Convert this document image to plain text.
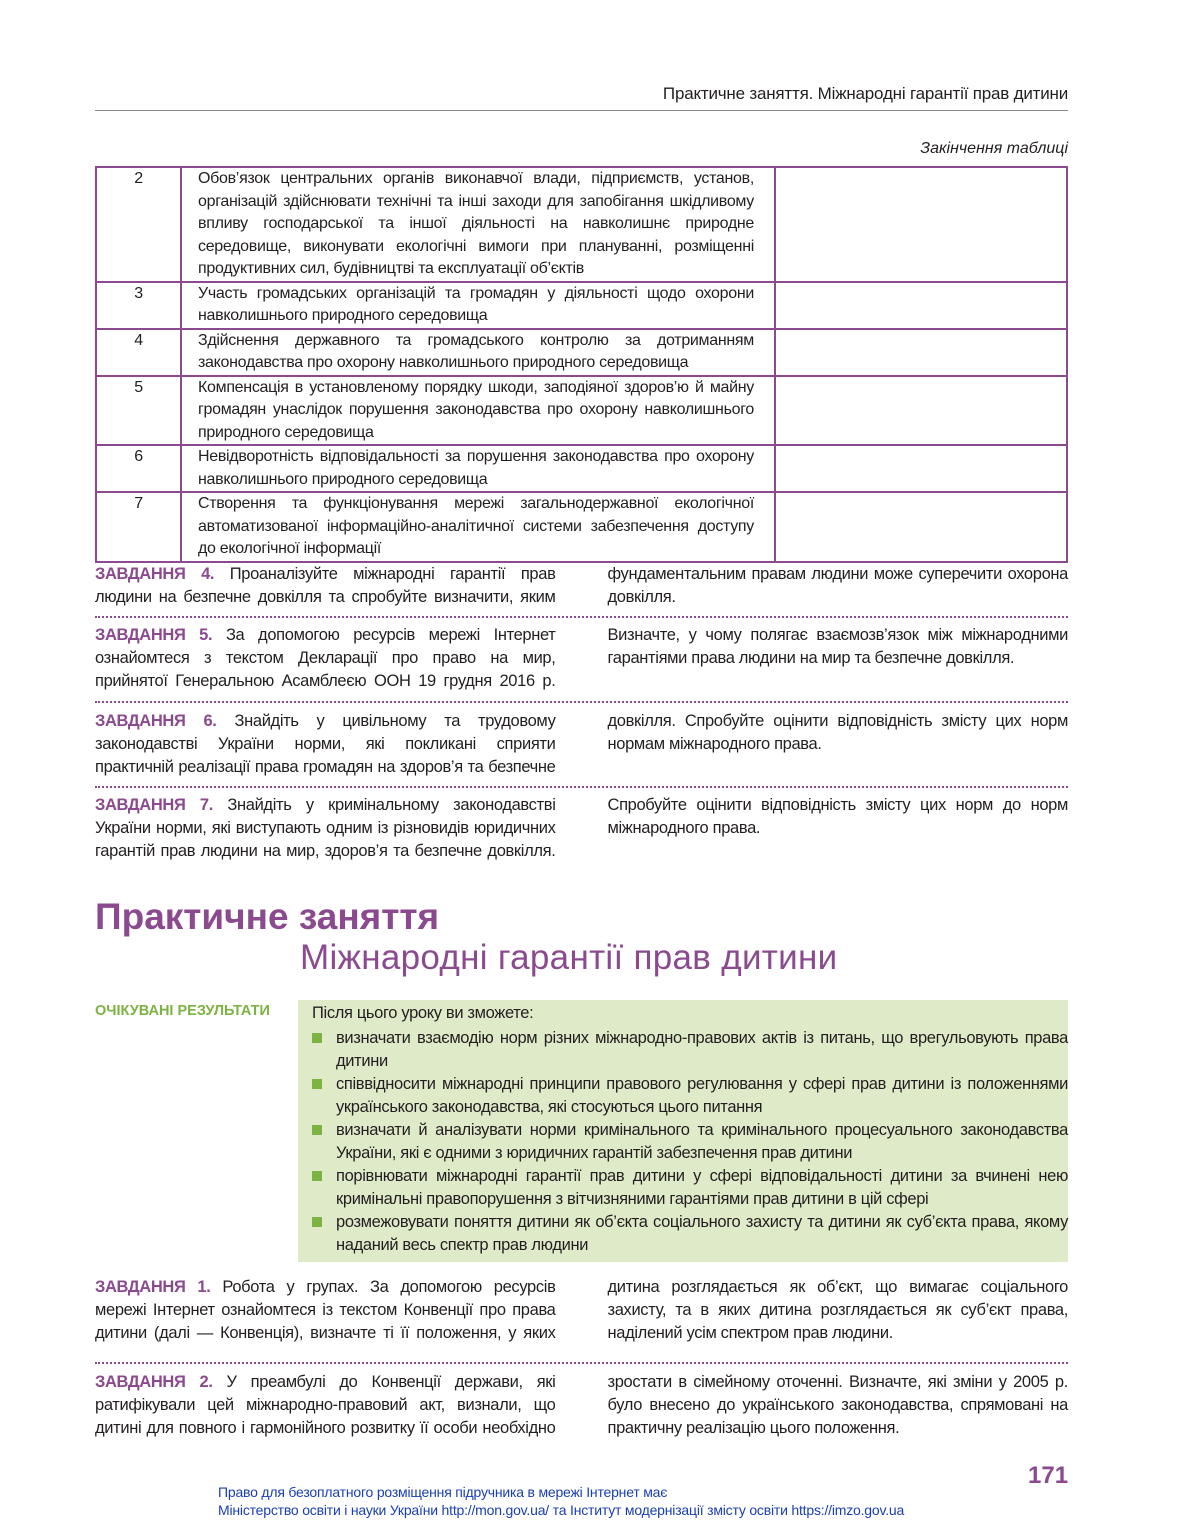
Практичне заняття. Міжнародні гарантії прав дитини
Закінчення таблиці
2	Обов’язок центральних органів виконавчої влади, підприємств, установ, організацій здійснювати технічні та інші заходи для запобігання шкідливому впливу господарської та іншої діяльності на навколишнє природне середовище, виконувати екологічні вимоги при плануванні, розміщенні продуктивних сил, будівництві та експлуатації об’єктів	
3	Участь громадських організацій та громадян у діяльності щодо охорони навколишнього природного середовища	
4	Здійснення державного та громадського контролю за дотриманням законодавства про охорону навколишнього природного середовища	
5	Компенсація в установленому порядку шкоди, заподіяної здоров’ю й майну громадян унаслідок порушення законодавства про охорону навколишнього природного середовища	
6	Невідворотність відповідальності за порушення законодавства про охорону навколишнього природного середовища	
7	Створення та функціонування мережі загальнодержавної екологічної автоматизованої інформаційно-аналітичної системи забезпечення доступу до екологічної інформації	
ЗАВДАННЯ 4. Проаналізуйте міжнародні гарантії прав людини на безпечне довкілля та спробуйте визначити, яким фундаментальним правам людини може суперечити охорона довкілля.
ЗАВДАННЯ 5. За допомогою ресурсів мережі Інтернет ознайомтеся з текстом Декларації про право на мир, прийнятої Генеральною Асамблеєю ООН 19 грудня 2016 р. Визначте, у чому полягає взаємозв’язок між міжнародними гарантіями права людини на мир та безпечне довкілля.
ЗАВДАННЯ 6. Знайдіть у цивільному та трудовому законодавстві України норми, які покликані сприяти практичній реалізації права громадян на здоров’я та безпечне довкілля. Спробуйте оцінити відповідність змісту цих норм нормам міжнародного права.
ЗАВДАННЯ 7. Знайдіть у кримінальному законодавстві України норми, які виступають одним із різновидів юридичних гарантій прав людини на мир, здоров’я та безпечне довкілля. Спробуйте оцінити відповідність змісту цих норм до норм міжнародного права.
Практичне заняття
Міжнародні гарантії прав дитини
ОЧІКУВАНІ РЕЗУЛЬТАТИ	Після цього уроку ви зможете:
визначати взаємодію норм різних міжнародно-правових актів із питань, що врегульовують права дитини
співвідносити міжнародні принципи правового регулювання у сфері прав дитини із положеннями українського законодавства, які стосуються цього питання
визначати й аналізувати норми кримінального та кримінального процесуального законодавства України, які є одними з юридичних гарантій забезпечення прав дитини
порівнювати міжнародні гарантії прав дитини у сфері відповідальності дитини за вчинені нею кримінальні правопорушення з вітчизняними гарантіями прав дитини в цій сфері
розмежовувати поняття дитини як об’єкта соціального захисту та дитини як суб’єкта права, якому наданий весь спектр прав людини
ЗАВДАННЯ 1. Робота у групах. За допомогою ресурсів мережі Інтернет ознайомтеся із текстом Конвенції про права дитини (далі — Конвенція), визначте ті її положення, у яких дитина розглядається як об’єкт, що вимагає соціального захисту, та в яких дитина розглядається як суб’єкт права, наділений усім спектром прав людини.
ЗАВДАННЯ 2. У преамбулі до Конвенції держави, які ратифікували цей міжнародно-правовий акт, визнали, що дитині для повного і гармонійного розвитку її особи необхідно зростати в сімейному оточенні. Визначте, які зміни у 2005 р. було внесено до українського законодавства, спрямовані на практичну реалізацію цього положення.
171
Право для безоплатного розміщення підручника в мережі Інтернет має
Міністерство освіти і науки України http://mon.gov.ua/ та Інститут модернізації змісту освіти https://imzo.gov.ua
